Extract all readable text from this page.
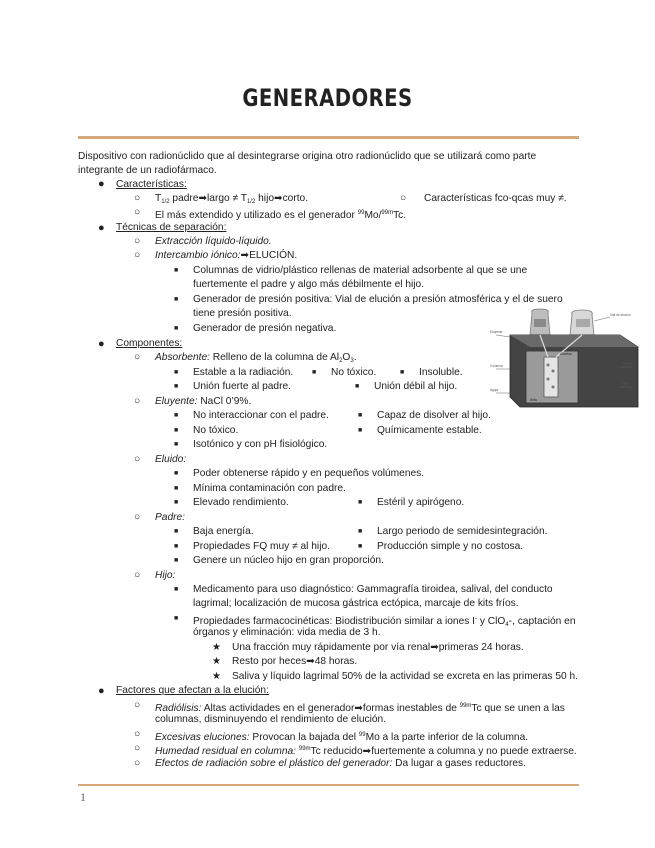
GENERADORES
Dispositivo con radionúclido que al desintegrarse origina otro radionúclido que se utilizará como parte
integrante de un radiofármaco.
● Características:
○ $T_{1/2}$ padre➡largo ≠ $T_{1/2}$ hijo➡corto.	○ Características fco-qcas muy ≠.
○ El más extendido y utilizado es el generador $^{99}$Mo/$^{99m}$Tc.
● Técnicas de separación:
○ Extracción líquido-líquido.
○ Intercambio iónico:➡ELUCIÓN.
■ Columnas de vidrio/plástico rellenas de material adsorbente al que se une
fuertemente el padre y algo más débilmente el hijo.
■ Generador de presión positiva: Vial de elución a presión atmosférica y el de suero
tiene presión positiva.
■ Generador de presión negativa.
● Componentes:
○ Absorbente: Relleno de la columna de $Al_2O_3$.
■ Estable a la radiación.	■ No tóxico.	■ Insoluble.
■ Unión fuerte al padre.	■ Unión débil al hijo.
○ Eluyente: NaCl 0’9%.
■ No interaccionar con el padre.	■ Capaz de disolver al hijo.
■ No tóxico.	■ Químicamente estable.
■ Isotónico y con pH fisiológico.
○ Eluido:
■ Poder obtenerse rápido y en pequeños volúmenes.
■ Mínima contaminación con padre.
■ Elevado rendimiento.	■ Estéril y apirógeno.
○ Padre:
■ Baja energía.	■ Largo periodo de semidesintegración.
■ Propiedades FQ muy ≠ al hijo.	■ Producción simple y no costosa.
■ Genere un núcleo hijo en gran proporción.
○ Hijo:
■ Medicamento para uso diagnóstico: Gammagrafía tiroidea, salival, del conducto
lagrimal; localización de mucosa gástrica ectópica, marcaje de kits fríos.
■ Propiedades farmacocinéticas: Biodistribución similar a iones I- y ClO$_4$-, captación en
órganos y eliminación: vida media de 3 h.
★ Una fracción muy rápidamente por vía renal➡primeras 24 horas.
★ Resto por heces➡48 horas.
★ Saliva y líquido lagrimal 50% de la actividad se excreta en las primeras 50 h.
● Factores que afectan a la elución:
○ Radiólisis: Altas actividades en el generador➡formas inestables de $^{99m}$Tc que se unen a las
columnas, disminuyendo el rendimiento de elución.
○ Excesivas eluciones: Provocan la bajada del $^{99}$Mo a la parte inferior de la columna.
○ Humedad residual en columna: $^{99m}$Tc reducido➡fuertemente a columna y no puede extraerse.
○ Efectos de radiación sobre el plástico del generador: Da lugar a gases reductores.
Vial de elución
Eluyente
Columna
Aguja
Plomo
Filtro
Alúmina
Sello
1
